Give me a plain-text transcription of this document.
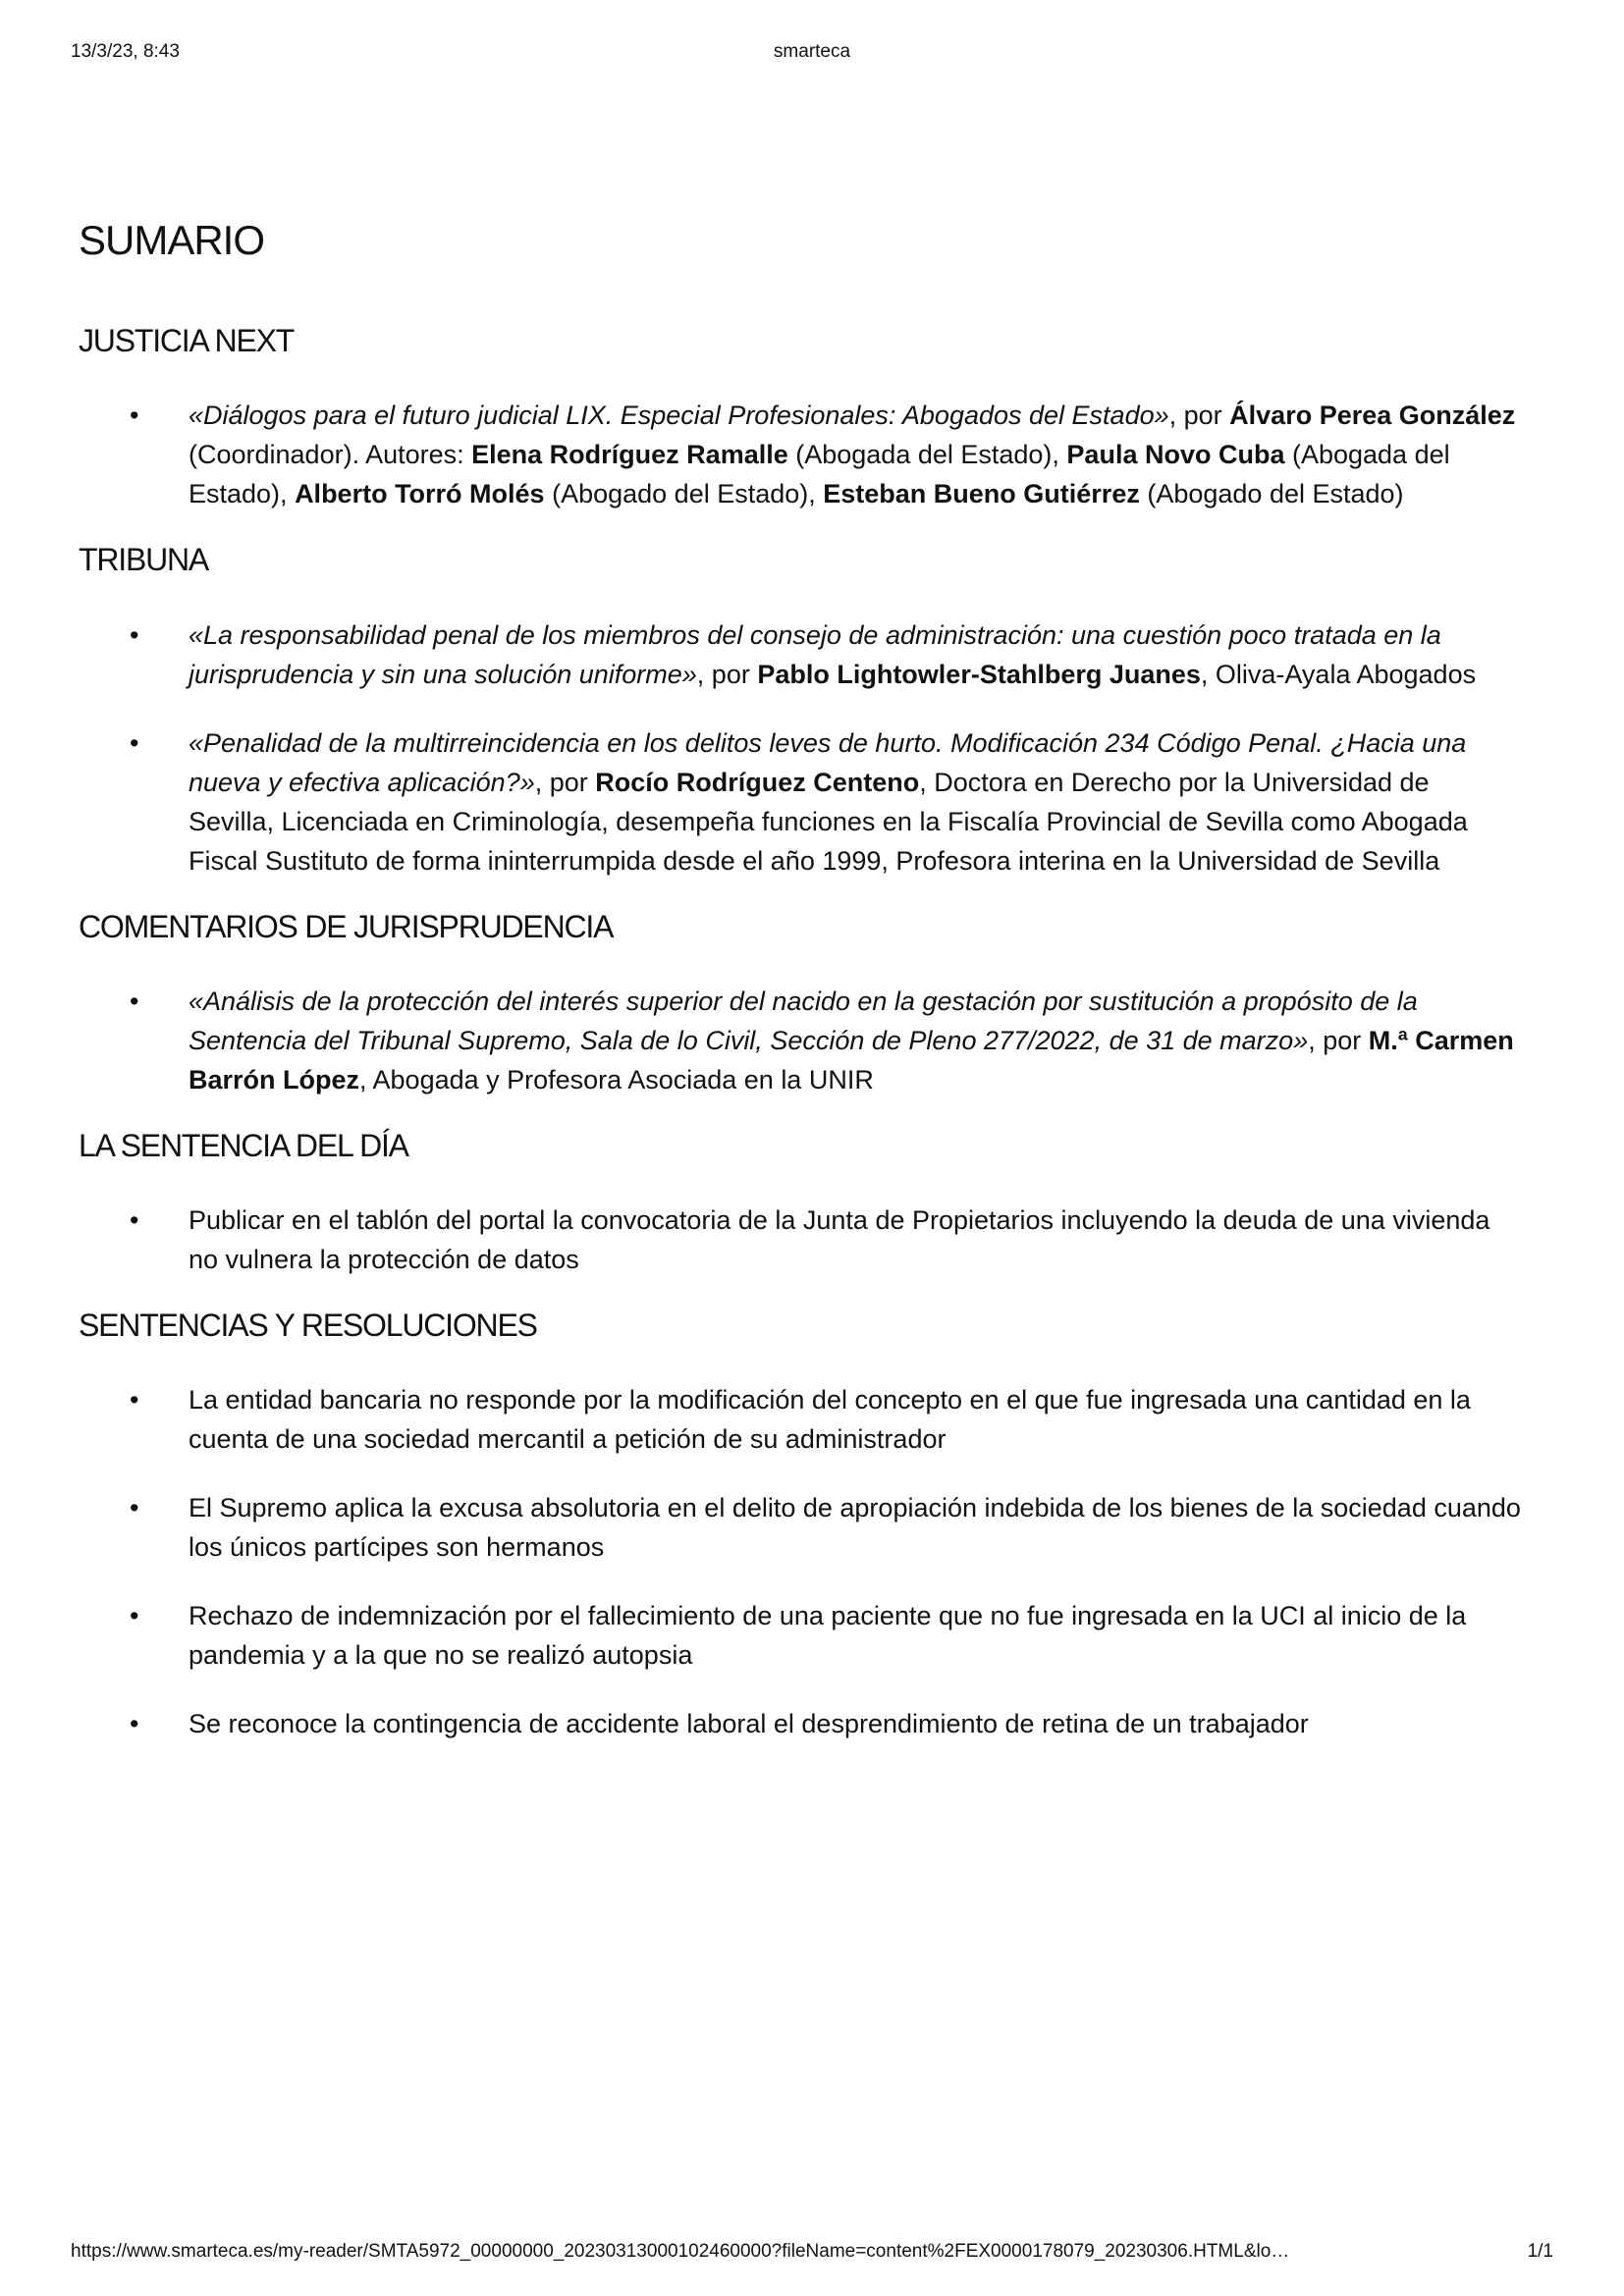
13/3/23, 8:43	smarteca
SUMARIO
JUSTICIA NEXT
• «Diálogos para el futuro judicial LIX. Especial Profesionales: Abogados del Estado», por Álvaro Perea González (Coordinador). Autores: Elena Rodríguez Ramalle (Abogada del Estado), Paula Novo Cuba (Abogada del Estado), Alberto Torró Molés (Abogado del Estado), Esteban Bueno Gutiérrez (Abogado del Estado)
TRIBUNA
• «La responsabilidad penal de los miembros del consejo de administración: una cuestión poco tratada en la jurisprudencia y sin una solución uniforme», por Pablo Lightowler-Stahlberg Juanes, Oliva-Ayala Abogados
• «Penalidad de la multirreincidencia en los delitos leves de hurto. Modificación 234 Código Penal. ¿Hacia una nueva y efectiva aplicación?», por Rocío Rodríguez Centeno, Doctora en Derecho por la Universidad de Sevilla, Licenciada en Criminología, desempeña funciones en la Fiscalía Provincial de Sevilla como Abogada Fiscal Sustituto de forma ininterrumpida desde el año 1999, Profesora interina en la Universidad de Sevilla
COMENTARIOS DE JURISPRUDENCIA
• «Análisis de la protección del interés superior del nacido en la gestación por sustitución a propósito de la Sentencia del Tribunal Supremo, Sala de lo Civil, Sección de Pleno 277/2022, de 31 de marzo», por M.ª Carmen Barrón López, Abogada y Profesora Asociada en la UNIR
LA SENTENCIA DEL DÍA
• Publicar en el tablón del portal la convocatoria de la Junta de Propietarios incluyendo la deuda de una vivienda no vulnera la protección de datos
SENTENCIAS Y RESOLUCIONES
• La entidad bancaria no responde por la modificación del concepto en el que fue ingresada una cantidad en la cuenta de una sociedad mercantil a petición de su administrador
• El Supremo aplica la excusa absolutoria en el delito de apropiación indebida de los bienes de la sociedad cuando los únicos partícipes son hermanos
• Rechazo de indemnización por el fallecimiento de una paciente que no fue ingresada en la UCI al inicio de la pandemia y a la que no se realizó autopsia
• Se reconoce la contingencia de accidente laboral el desprendimiento de retina de un trabajador
https://www.smarteca.es/my-reader/SMTA5972_00000000_20230313000102460000?fileName=content%2FEX0000178079_20230306.HTML&lo…	1/1
